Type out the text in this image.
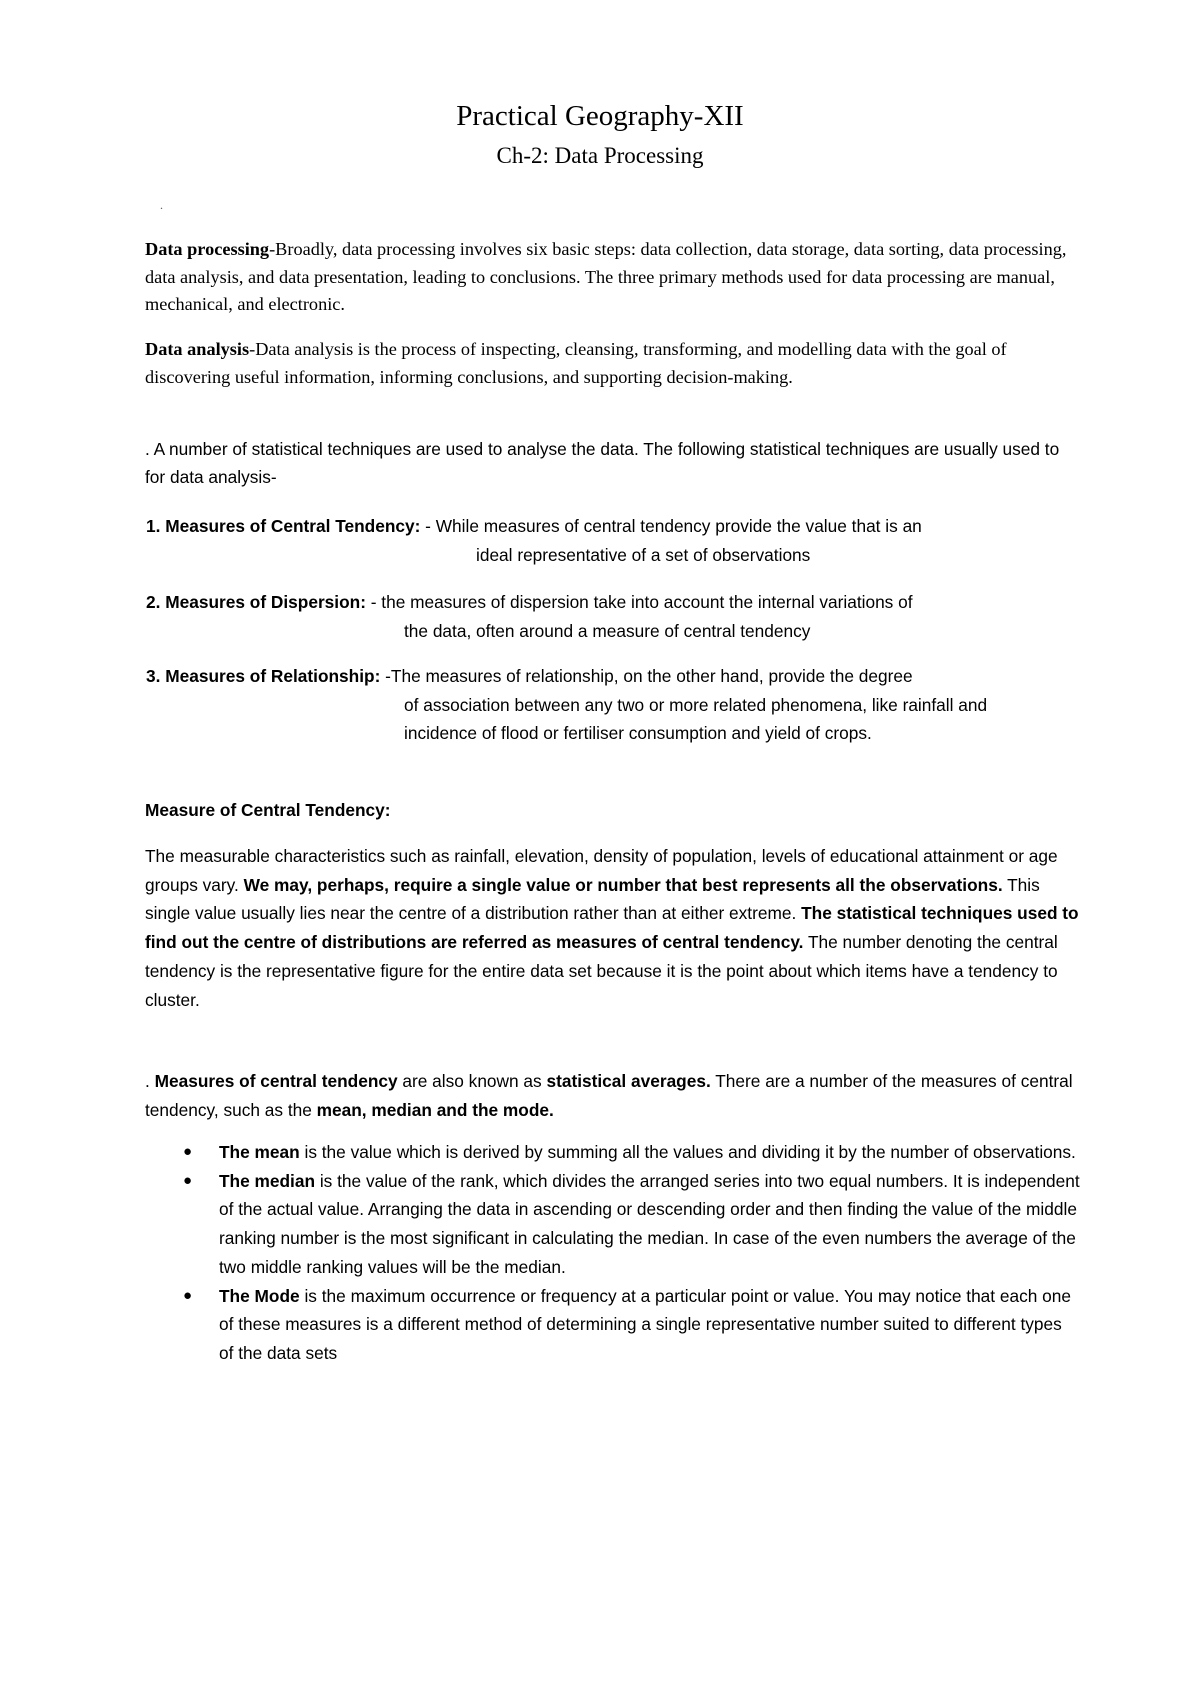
Practical Geography-XII
Ch-2: Data Processing
.
Data processing-Broadly, data processing involves six basic steps: data collection, data storage, data sorting, data processing, data analysis, and data presentation, leading to conclusions. The three primary methods used for data processing are manual, mechanical, and electronic.
Data analysis-Data analysis is the process of inspecting, cleansing, transforming, and modelling data with the goal of discovering useful information, informing conclusions, and supporting decision-making.
. A number of statistical techniques are used to analyse the data. The following statistical techniques are usually used to for data analysis-
1. Measures of Central Tendency: - While measures of central tendency provide the value that is an
ideal representative of a set of observations
2. Measures of Dispersion: - the measures of dispersion take into account the internal variations of
the data, often around a measure of central tendency
3. Measures of Relationship: -The measures of relationship, on the other hand, provide the degree
of association between any two or more related phenomena, like rainfall and incidence of flood or fertiliser consumption and yield of crops.
Measure of Central Tendency:
The measurable characteristics such as rainfall, elevation, density of population, levels of educational attainment or age groups vary. We may, perhaps, require a single value or number that best represents all the observations. This single value usually lies near the centre of a distribution rather than at either extreme. The statistical techniques used to find out the centre of distributions are referred as measures of central tendency. The number denoting the central tendency is the representative figure for the entire data set because it is the point about which items have a tendency to cluster.
. Measures of central tendency are also known as statistical averages. There are a number of the measures of central tendency, such as the mean, median and the mode.

● The mean is the value which is derived by summing all the values and dividing it by the number of observations.

● The median is the value of the rank, which divides the arranged series into two equal numbers. It is independent of the actual value. Arranging the data in ascending or descending order and then finding the value of the middle ranking number is the most significant in calculating the median. In case of the even numbers the average of the two middle ranking values will be the median.

● The Mode is the maximum occurrence or frequency at a particular point or value. You may notice that each one of these measures is a different method of determining a single representative number suited to different types of the data sets
